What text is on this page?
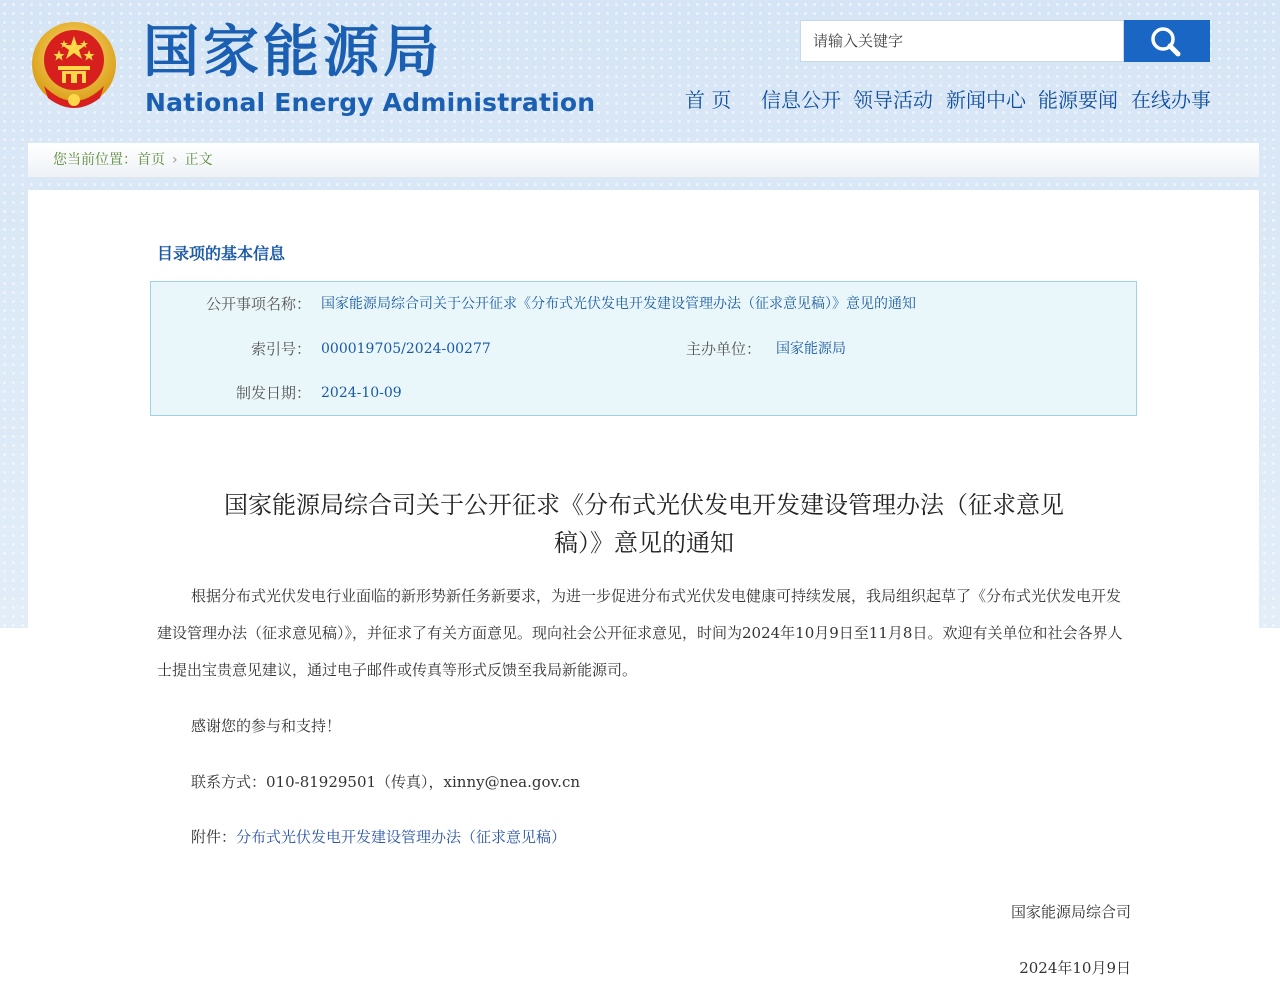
国家能源局
National Energy Administration
请输入关键字	首 页 信息公开 领导活动 新闻中心 能源要闻 在线办事
您当前位置：首页 › 正文
目录项的基本信息
公开事项名称： 国家能源局综合司关于公开征求《分布式光伏发电开发建设管理办法（征求意见稿）》意见的通知
索引号： 000019705/2024-00277	主办单位： 国家能源局
制发日期： 2024-10-09
国家能源局综合司关于公开征求《分布式光伏发电开发建设管理办法（征求意见
稿）》意见的通知
根据分布式光伏发电行业面临的新形势新任务新要求，为进一步促进分布式光伏发电健康可持续发展，我局组织起草了《分布式光伏发电开发建设管理办法（征求意见稿）》，并征求了有关方面意见。现向社会公开征求意见，时间为2024年10月9日至11月8日。欢迎有关单位和社会各界人士提出宝贵意见建议，通过电子邮件或传真等形式反馈至我局新能源司。
感谢您的参与和支持！
联系方式：010-81929501（传真），xinny@nea.gov.cn
附件：分布式光伏发电开发建设管理办法（征求意见稿）
国家能源局综合司
2024年10月9日
